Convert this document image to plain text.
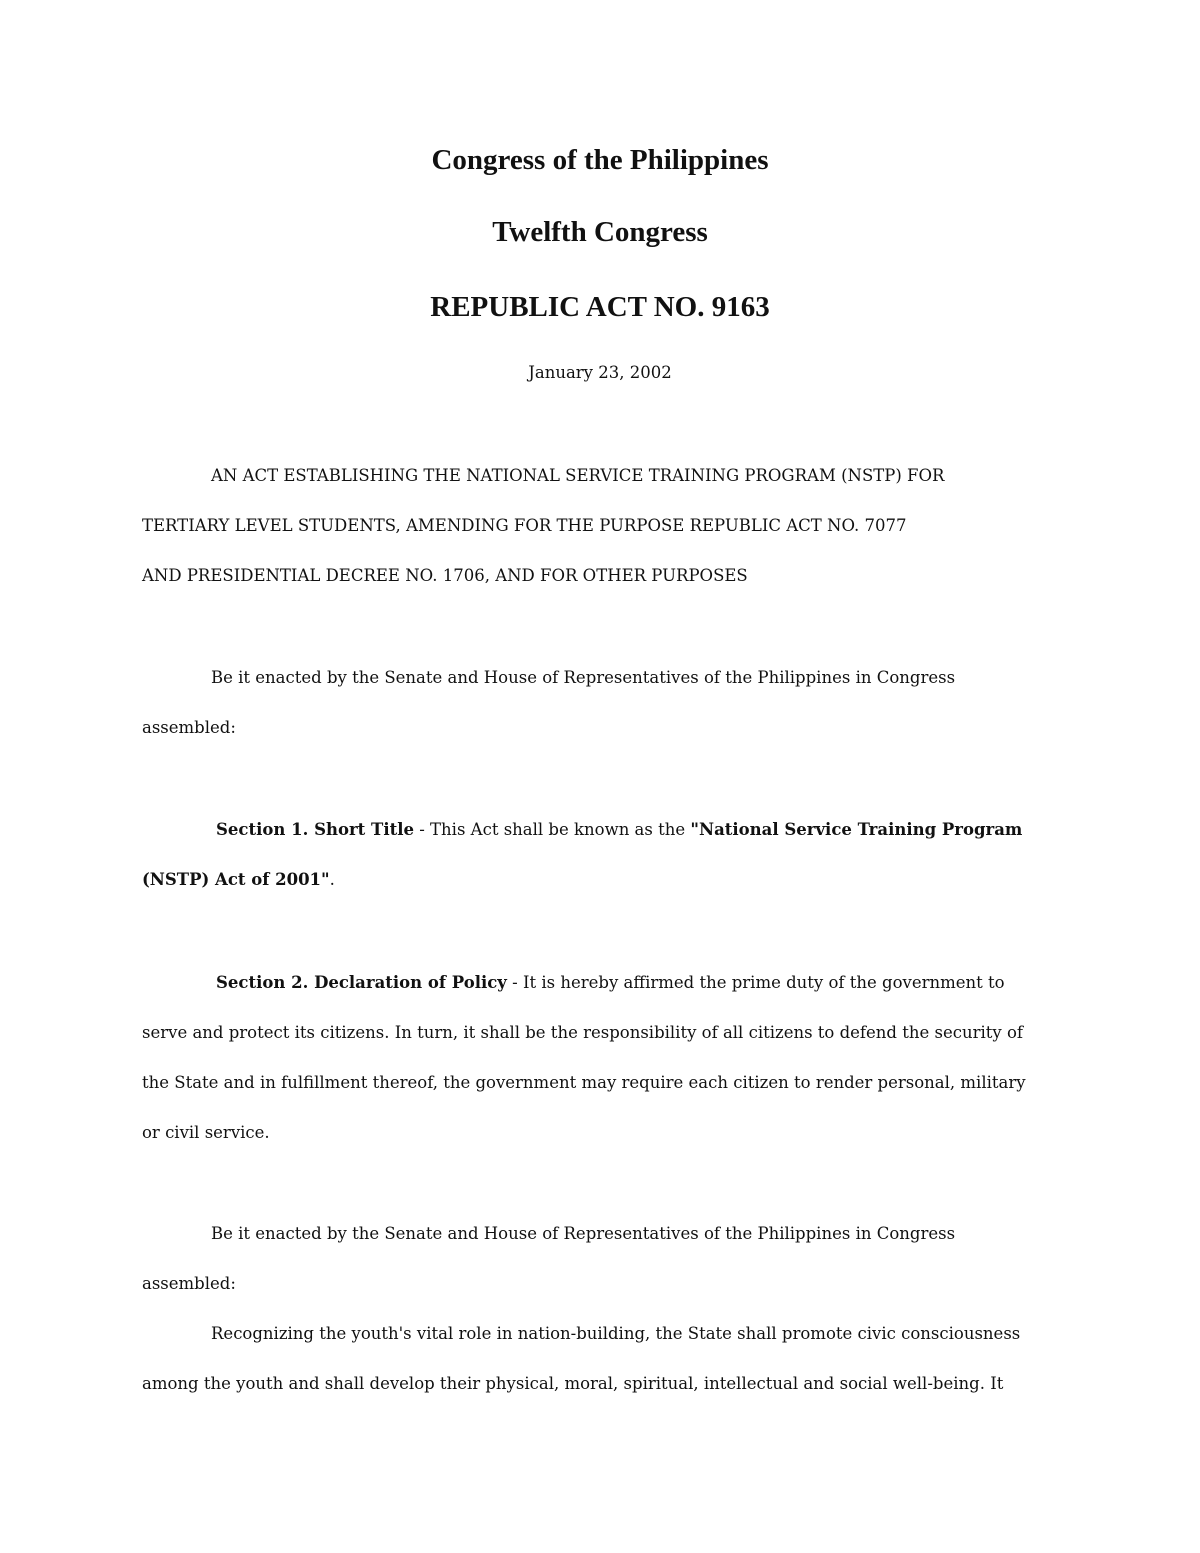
Congress of the Philippines
Twelfth Congress
REPUBLIC ACT NO. 9163

January 23, 2002

AN ACT ESTABLISHING THE NATIONAL SERVICE TRAINING PROGRAM (NSTP) FOR
TERTIARY LEVEL STUDENTS, AMENDING FOR THE PURPOSE REPUBLIC ACT NO. 7077
AND PRESIDENTIAL DECREE NO. 1706, AND FOR OTHER PURPOSES
Be it enacted by the Senate and House of Representatives of the Philippines in Congress
assembled:
Section 1. Short Title - This Act shall be known as the "National Service Training Program
(NSTP) Act of 2001".
Section 2. Declaration of Policy - It is hereby affirmed the prime duty of the government to
serve and protect its citizens. In turn, it shall be the responsibility of all citizens to defend the security of
the State and in fulfillment thereof, the government may require each citizen to render personal, military
or civil service.
Be it enacted by the Senate and House of Representatives of the Philippines in Congress
assembled:
Recognizing the youth's vital role in nation-building, the State shall promote civic consciousness
among the youth and shall develop their physical, moral, spiritual, intellectual and social well-being. It
